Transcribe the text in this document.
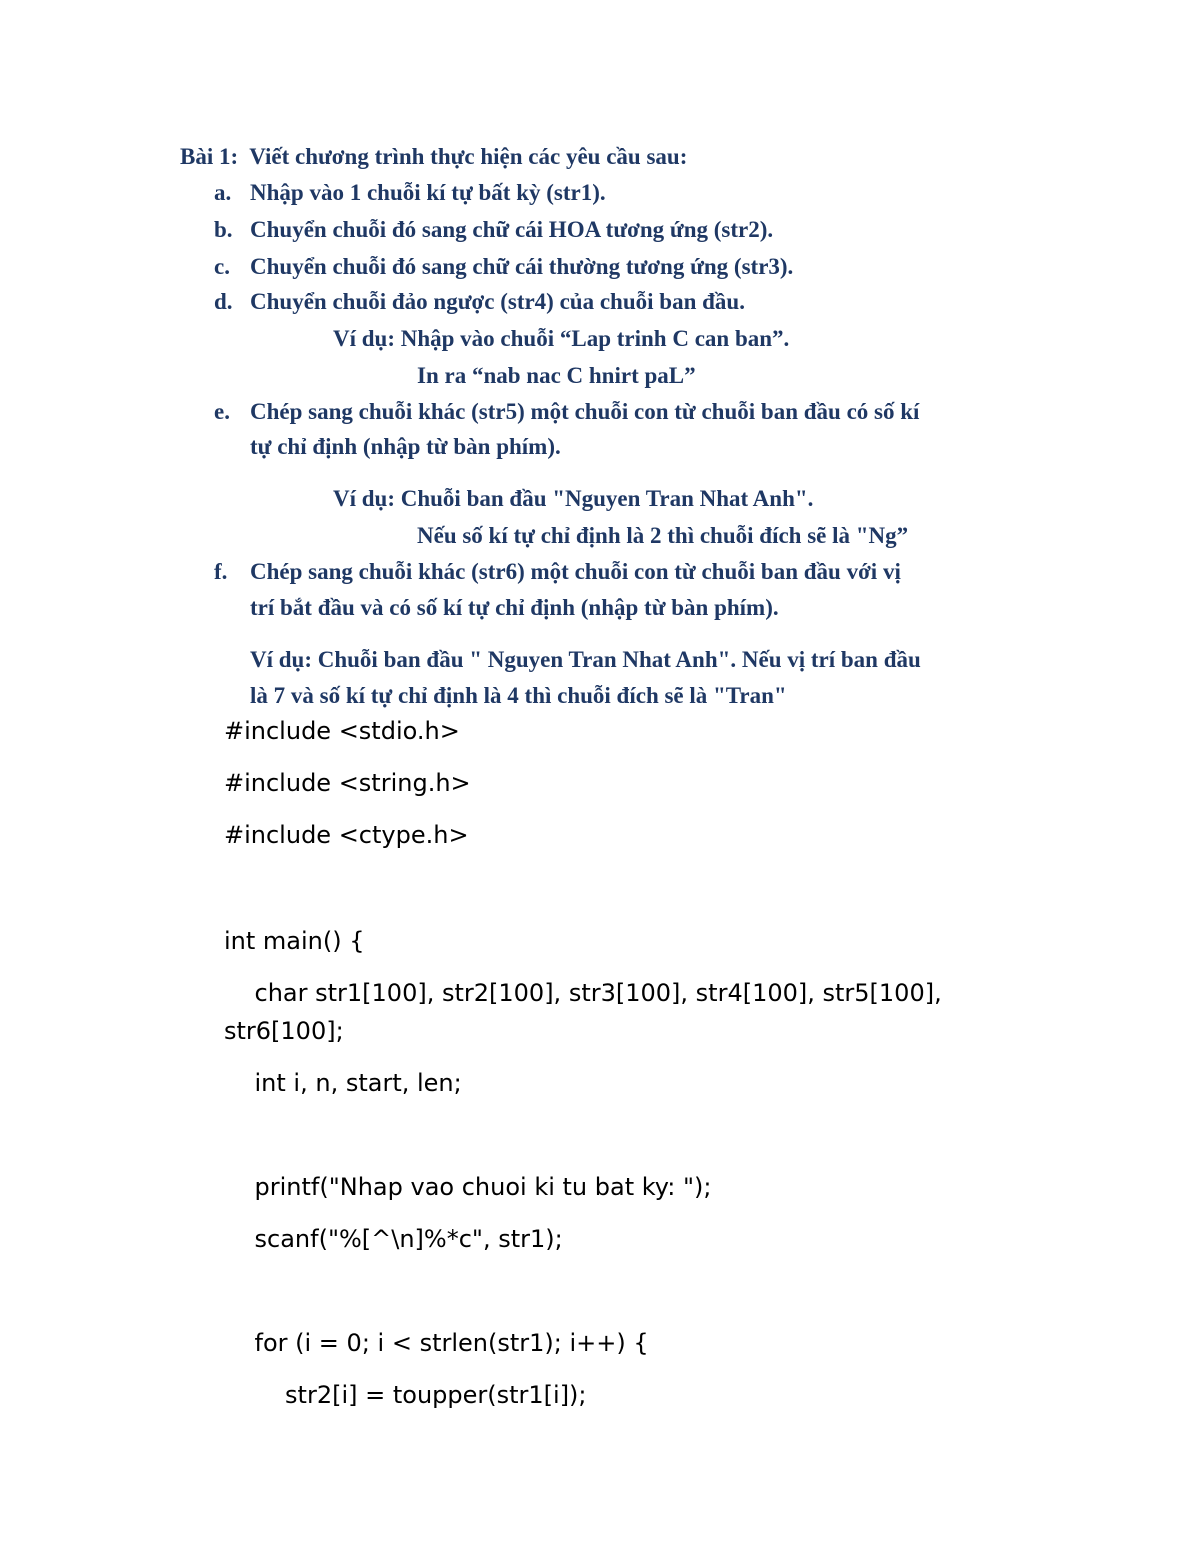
Bài 1:  Viết chương trình thực hiện các yêu cầu sau:
a. Nhập vào 1 chuỗi kí tự bất kỳ (str1).
b. Chuyển chuỗi đó sang chữ cái HOA tương ứng (str2).
c. Chuyển chuỗi đó sang chữ cái thường tương ứng (str3).
d. Chuyển chuỗi đảo ngược (str4) của chuỗi ban đầu.
Ví dụ: Nhập vào chuỗi “Lap trinh C can ban”.
In ra “nab nac C hnirt paL”
e. Chép sang chuỗi khác (str5) một chuỗi con từ chuỗi ban đầu có số kí
tự chỉ định (nhập từ bàn phím).
Ví dụ: Chuỗi ban đầu "Nguyen Tran Nhat Anh".
Nếu số kí tự chỉ định là 2 thì chuỗi đích sẽ là "Ng”
f. Chép sang chuỗi khác (str6) một chuỗi con từ chuỗi ban đầu với vị
trí bắt đầu và có số kí tự chỉ định (nhập từ bàn phím).
Ví dụ: Chuỗi ban đầu " Nguyen Tran Nhat Anh". Nếu vị trí ban đầu
là 7 và số kí tự chỉ định là 4 thì chuỗi đích sẽ là "Tran"
#include <stdio.h>
#include <string.h>
#include <ctype.h>
int main() {
char str1[100], str2[100], str3[100], str4[100], str5[100],
str6[100];
int i, n, start, len;
printf("Nhap vao chuoi ki tu bat ky: ");
scanf("%[^\n]%*c", str1);
for (i = 0; i < strlen(str1); i++) {
str2[i] = toupper(str1[i]);
